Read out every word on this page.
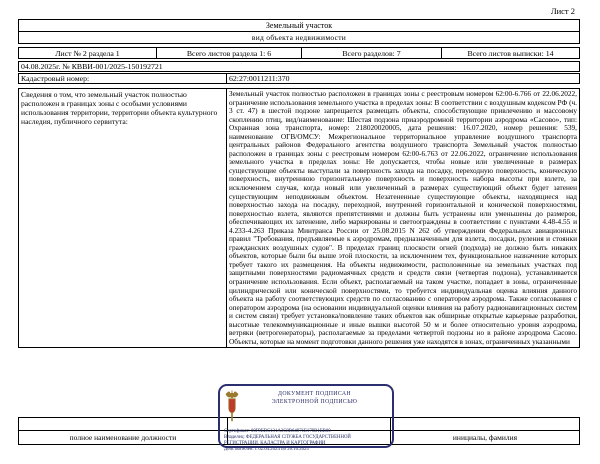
Лист 2
Земельный участок
вид объекта недвижимости
Лист № 2 раздела 1	Всего листов раздела 1: 6	Всего разделов: 7	Всего листов выписки: 14
04.08.2025г. № КВВИ-001/2025-150192721
Кадастровый номер:	62:27:0011211:370
Сведения о том, что земельный участок полностью расположен в границах зоны с особыми условиями использования территории, территории объекта культурного наследия, публичного сервитута:
Земельный участок полностью расположен в границах зоны с реестровым номером 62:00-6.766 от 22.06.2022, ограничение использования земельного участка в пределах зоны: В соответствии с воздушным кодексом РФ (ч. 3 ст. 47) в шестой подзоне запрещается размещать объекты, способствующие привлечению и массовому скоплению птиц, вид/наименование: Шестая подзона приаэродромной территории аэродрома «Сасово», тип: Охранная зона транспорта, номер: 218020020005, дата решения: 16.07.2020, номер решения: 539, наименование ОГВ/ОМСУ: Межрегиональное территориальное управление воздушного транспорта центральных районов Федерального агентства воздушного транспорта Земельный участок полностью расположен в границах зоны с реестровым номером 62:00-6.763 от 22.06.2022, ограничение использования земельного участка в пределах зоны: Не допускается, чтобы новые или увеличенные в размерах существующие объекты выступали за поверхность захода на посадку, переходную поверхность, коническую поверхность, внутреннюю горизонтальную поверхность и поверхность набора высоты при взлете, за исключением случая, когда новый или увеличенный в размерах существующий объект будет затенен существующим неподвижным объектом. Незатененные существующие объекты, находящиеся над поверхностью захода на посадку, переходной, внутренней горизонтальной и конической поверхностями, поверхностью взлета, являются препятствиями и должны быть устранены или уменьшены до размеров, обеспечивающих их затенение, либо маркированы и светоограждены в соответствии с пунктами 4.48-4.55 и 4.233-4.263 Приказа Минтранса России от 25.08.2015 N 262 об утверждении Федеральных авиационных правил "Требования, предъявляемые к аэродромам, предназначенным для взлета, посадки, руления и стоянки гражданских воздушных судов". В пределах границ плоскости огней (подхода) не должно быть никаких объектов, которые были бы выше этой плоскости, за исключением тех, функциональное назначение которых требует такого их размещения. На объекты недвижимости, расположенные на земельных участках под защитными поверхностями радиомаячных средств и средств связи (четвертая подзона), устанавливается ограничение использования. Если объект, располагаемый на таком участке, попадает в зоны, ограниченные цилиндрической или конической поверхностями, то требуется индивидуальная оценка влияния данного объекта на работу соответствующих средств по согласованию с оператором аэродрома. Также согласования с оператором аэродрома (на основании индивидуальной оценки влияния на работу радионавигационных систем и систем связи) требует установка/появление таких объектов как обширные открытые карьерные разработки, высотные телекоммуникационные и иные вышки высотой 50 м и более относительно уровня аэродрома, ветряки (ветрогенераторы), располагаемые за пределами четвертой подзоны но в районе аэродрома Сасово. Объекты, которые на момент подготовки данного решения уже находятся в зонах, ограниченных указанными
полное наименование должности	инициалы, фамилия
ДОКУМЕНТ ПОДПИСАН
ЭЛЕКТРОННОЙ ПОДПИСЬЮ
Сертификат: 00F9EBC131A3C8B64971E179B1EB00
Владелец: ФЕДЕРАЛЬНАЯ СЛУЖБА ГОСУДАРСТВЕННОЙ РЕГИСТРАЦИИ, КАДАСТРА И КАРТОГРАФИИ
Действителен: с 02.04.2024 по 26.10.2025
